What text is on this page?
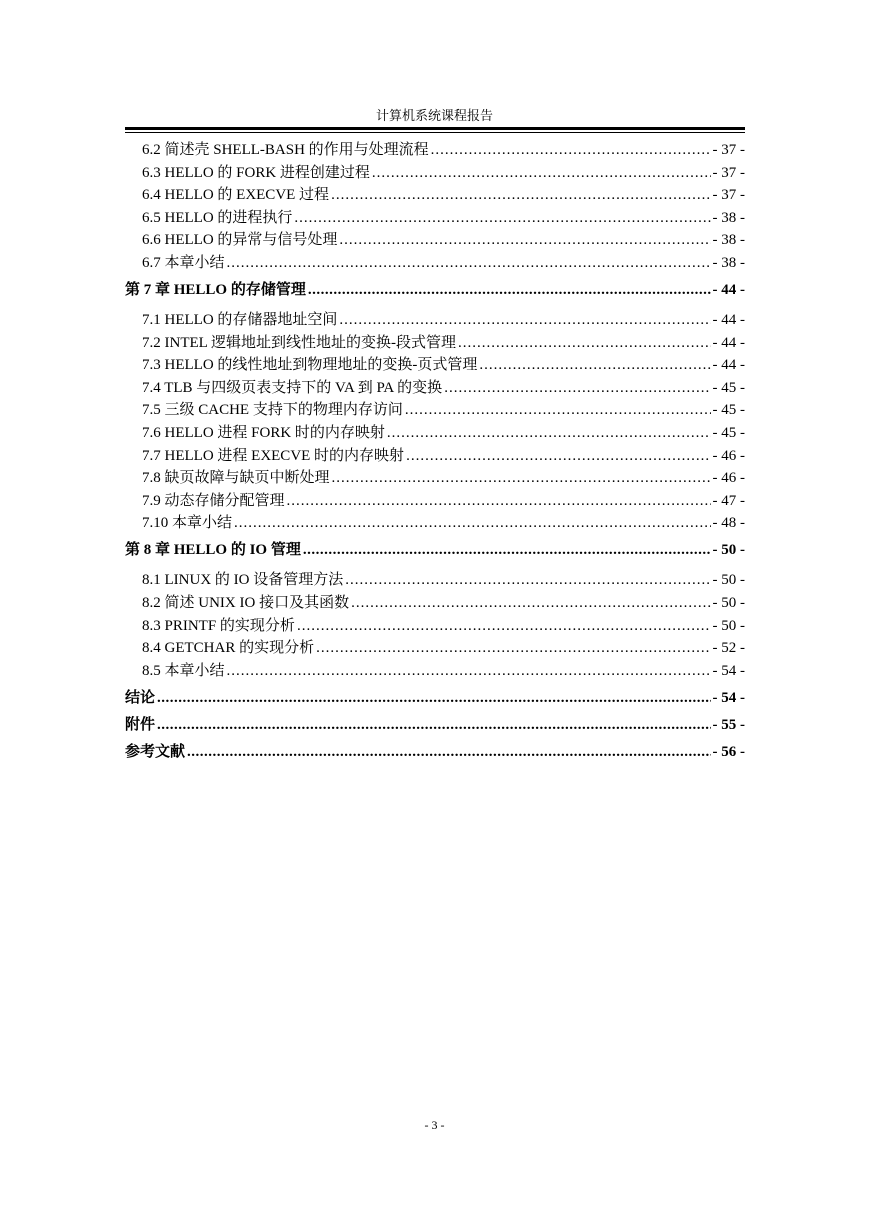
计算机系统课程报告
6.2 简述壳 SHELL-BASH 的作用与处理流程 .....	- 37 -
6.3 HELLO 的 FORK 进程创建过程 .....	- 37 -
6.4 HELLO 的 EXECVE 过程 .....	- 37 -
6.5 HELLO 的进程执行 .....	- 38 -
6.6 HELLO 的异常与信号处理 .....	- 38 -
6.7 本章小结 .....	- 38 -
第 7 章 HELLO 的存储管理 .....	- 44 -
7.1 HELLO 的存储器地址空间 .....	- 44 -
7.2 INTEL 逻辑地址到线性地址的变换-段式管理 .....	- 44 -
7.3 HELLO 的线性地址到物理地址的变换-页式管理 .....	- 44 -
7.4 TLB 与四级页表支持下的 VA 到 PA 的变换 .....	- 45 -
7.5 三级 CACHE 支持下的物理内存访问 .....	- 45 -
7.6 HELLO 进程 FORK 时的内存映射 .....	- 45 -
7.7 HELLO 进程 EXECVE 时的内存映射 .....	- 46 -
7.8 缺页故障与缺页中断处理 .....	- 46 -
7.9 动态存储分配管理 .....	- 47 -
7.10 本章小结 .....	- 48 -
第 8 章 HELLO 的 IO 管理 .....	- 50 -
8.1 LINUX 的 IO 设备管理方法 .....	- 50 -
8.2 简述 UNIX IO 接口及其函数 .....	- 50 -
8.3 PRINTF 的实现分析 .....	- 50 -
8.4 GETCHAR 的实现分析 .....	- 52 -
8.5 本章小结 .....	- 54 -
结论 .....	- 54 -
附件 .....	- 55 -
参考文献 .....	- 56 -
- 3 -
